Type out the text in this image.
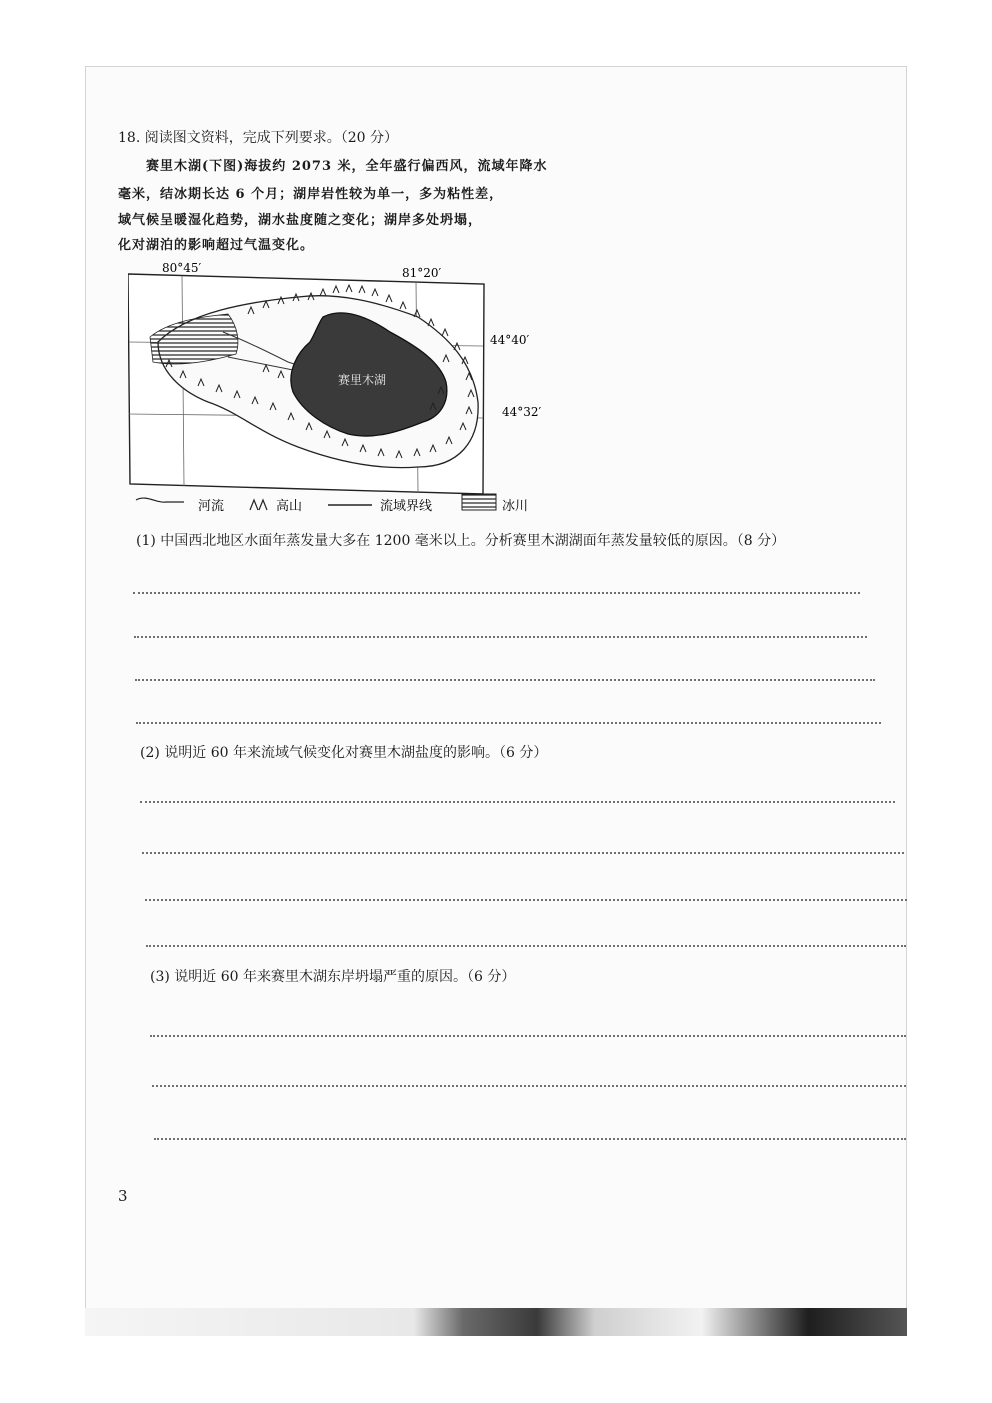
18. 阅读图文资料，完成下列要求。（20 分）
赛里木湖(下图)海拔约 2073 米，全年盛行偏西风，流域年降水
毫米，结冰期长达 6 个月；湖岸岩性较为单一，多为粘性差，
域气候呈暖湿化趋势，湖水盐度随之变化；湖岸多处坍塌，
化对湖泊的影响超过气温变化。
赛里木湖
80°45′	81°20′
44°40′
44°32′
河流	高山	流域界线	冰川
(1) 中国西北地区水面年蒸发量大多在 1200 毫米以上。分析赛里木湖湖面年蒸发量较低的原因。（8 分）
(2) 说明近 60 年来流域气候变化对赛里木湖盐度的影响。（6 分）
(3) 说明近 60 年来赛里木湖东岸坍塌严重的原因。（6 分）
3
